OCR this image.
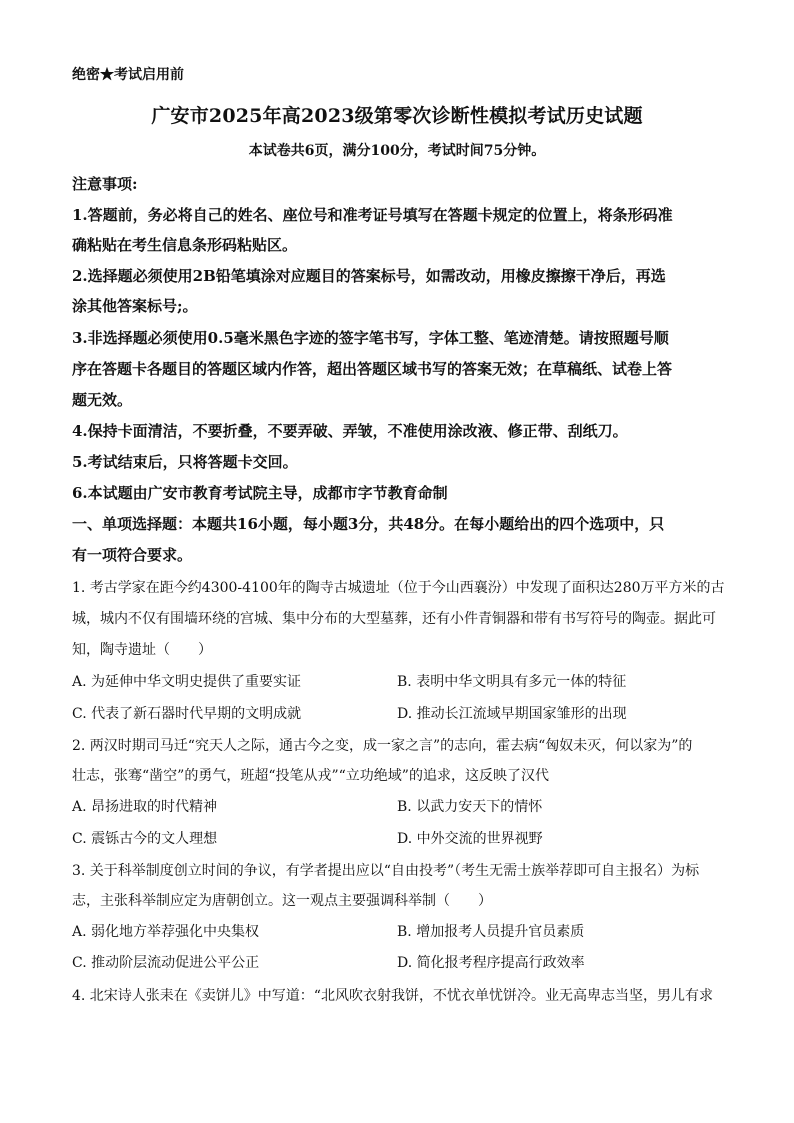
绝密★考试启用前
广安市2025年高2023级第零次诊断性模拟考试历史试题
本试卷共6页，满分100分，考试时间75分钟。
注意事项:
1.答题前，务必将自己的姓名、座位号和准考证号填写在答题卡规定的位置上，将条形码准
确粘贴在考生信息条形码粘贴区。
2.选择题必须使用2B铅笔填涂对应题目的答案标号，如需改动，用橡皮擦擦干净后，再选
涂其他答案标号;。
3.非选择题必须使用0.5毫米黑色字迹的签字笔书写，字体工整、笔迹清楚。请按照题号顺
序在答题卡各题目的答题区域内作答，超出答题区域书写的答案无效；在草稿纸、试卷上答
题无效。
4.保持卡面清洁，不要折叠，不要弄破、弄皱，不准使用涂改液、修正带、刮纸刀。
5.考试结束后，只将答题卡交回。
6.本试题由广安市教育考试院主导，成都市字节教育命制
一、单项选择题：本题共16小题，每小题3分，共48分。在每小题给出的四个选项中，只
有一项符合要求。
1. 考古学家在距今约4300-4100年的陶寺古城遗址（位于今山西襄汾）中发现了面积达280万平方米的古
城，城内不仅有围墙环绕的宫城、集中分布的大型墓葬，还有小件青铜器和带有书写符号的陶壶。据此可
知，陶寺遗址（　　）
A. 为延伸中华文明史提供了重要实证	B. 表明中华文明具有多元一体的特征
C. 代表了新石器时代早期的文明成就	D. 推动长江流域早期国家雏形的出现
2. 两汉时期司马迁“究天人之际，通古今之变，成一家之言”的志向，霍去病“匈奴未灭，何以家为”的
壮志，张骞“凿空”的勇气，班超“投笔从戎”“立功绝域”的追求，这反映了汉代
A. 昂扬进取的时代精神	B. 以武力安天下的情怀
C. 震铄古今的文人理想	D. 中外交流的世界视野
3. 关于科举制度创立时间的争议，有学者提出应以“自由投考”（考生无需士族举荐即可自主报名）为标
志，主张科举制应定为唐朝创立。这一观点主要强调科举制（　　）
A. 弱化地方举荐强化中央集权	B. 增加报考人员提升官员素质
C. 推动阶层流动促进公平公正	D. 简化报考程序提高行政效率
4. 北宋诗人张耒在《卖饼儿》中写道：“北风吹衣射我饼，不忧衣单忧饼冷。业无高卑志当坚，男儿有求
